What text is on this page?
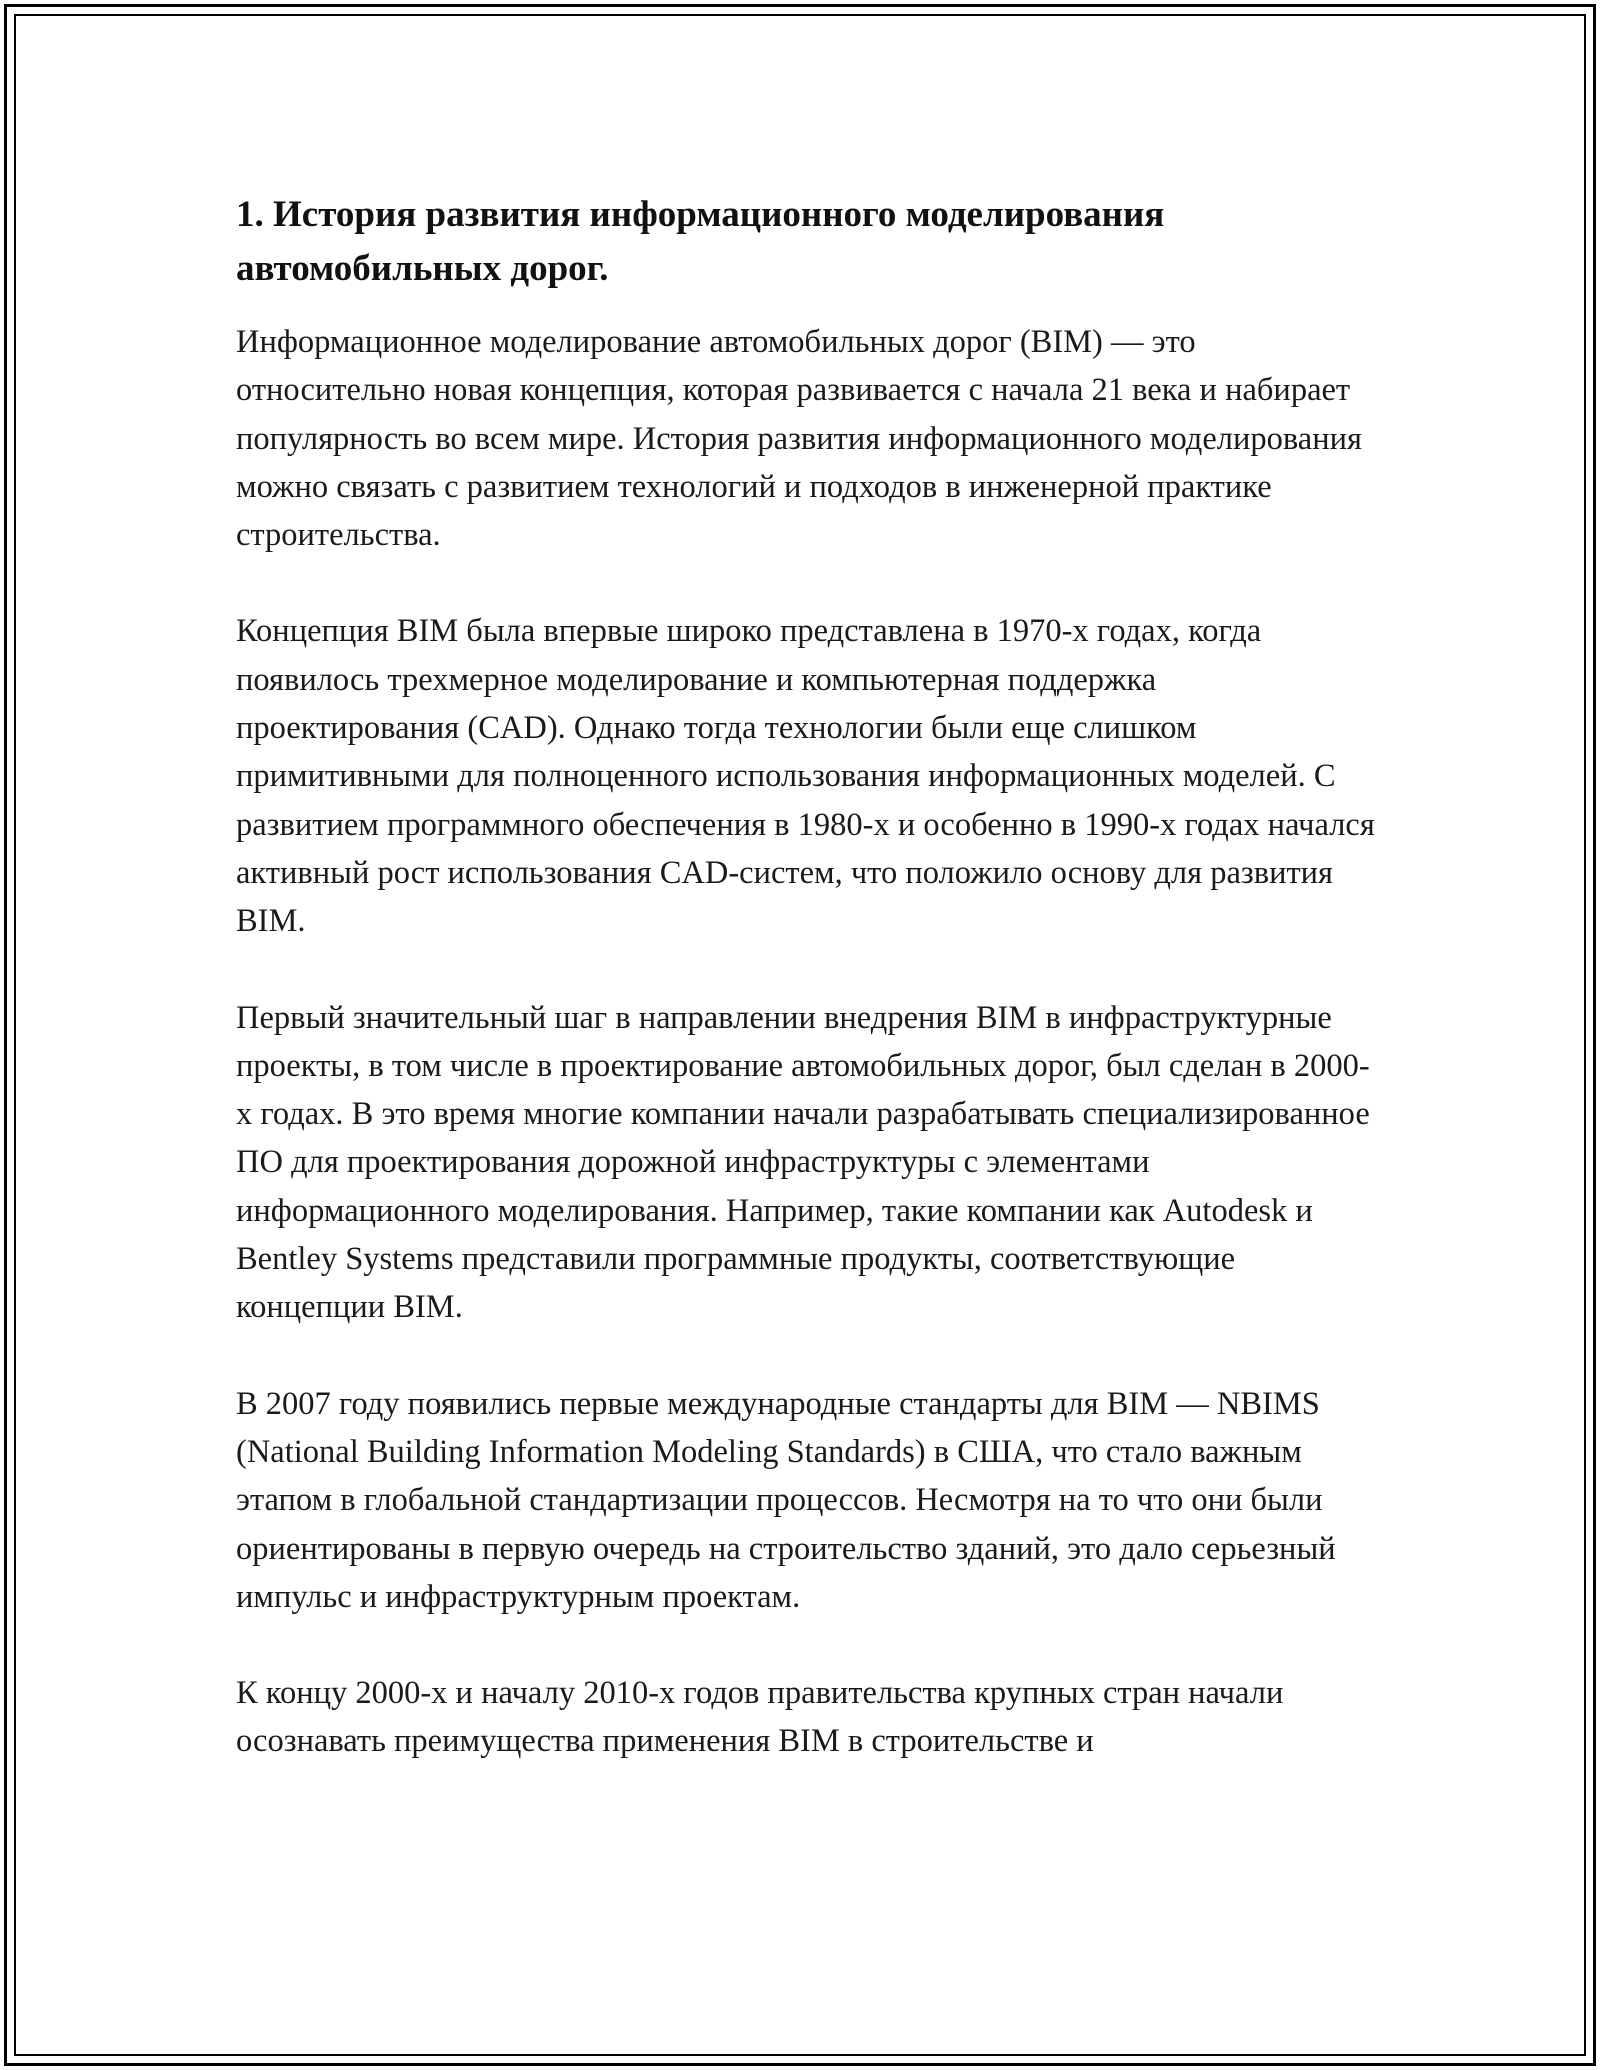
1. История развития информационного моделирования автомобильных дорог.

Информационное моделирование автомобильных дорог (BIM) — это относительно новая концепция, которая развивается с начала 21 века и набирает популярность во всем мире. История развития информационного моделирования можно связать с развитием технологий и подходов в инженерной практике строительства.

Концепция BIM была впервые широко представлена в 1970-х годах, когда появилось трехмерное моделирование и компьютерная поддержка проектирования (CAD). Однако тогда технологии были еще слишком примитивными для полноценного использования информационных моделей. С развитием программного обеспечения в 1980-х и особенно в 1990-х годах начался активный рост использования CAD-систем, что положило основу для развития BIM.

Первый значительный шаг в направлении внедрения BIM в инфраструктурные проекты, в том числе в проектирование автомобильных дорог, был сделан в 2000-х годах. В это время многие компании начали разрабатывать специализированное ПО для проектирования дорожной инфраструктуры с элементами информационного моделирования. Например, такие компании как Autodesk и Bentley Systems представили программные продукты, соответствующие концепции BIM.

В 2007 году появились первые международные стандарты для BIM — NBIMS (National Building Information Modeling Standards) в США, что стало важным этапом в глобальной стандартизации процессов. Несмотря на то что они были ориентированы в первую очередь на строительство зданий, это дало серьезный импульс и инфраструктурным проектам.

К концу 2000-х и началу 2010-х годов правительства крупных стран начали осознавать преимущества применения BIM в строительстве и
